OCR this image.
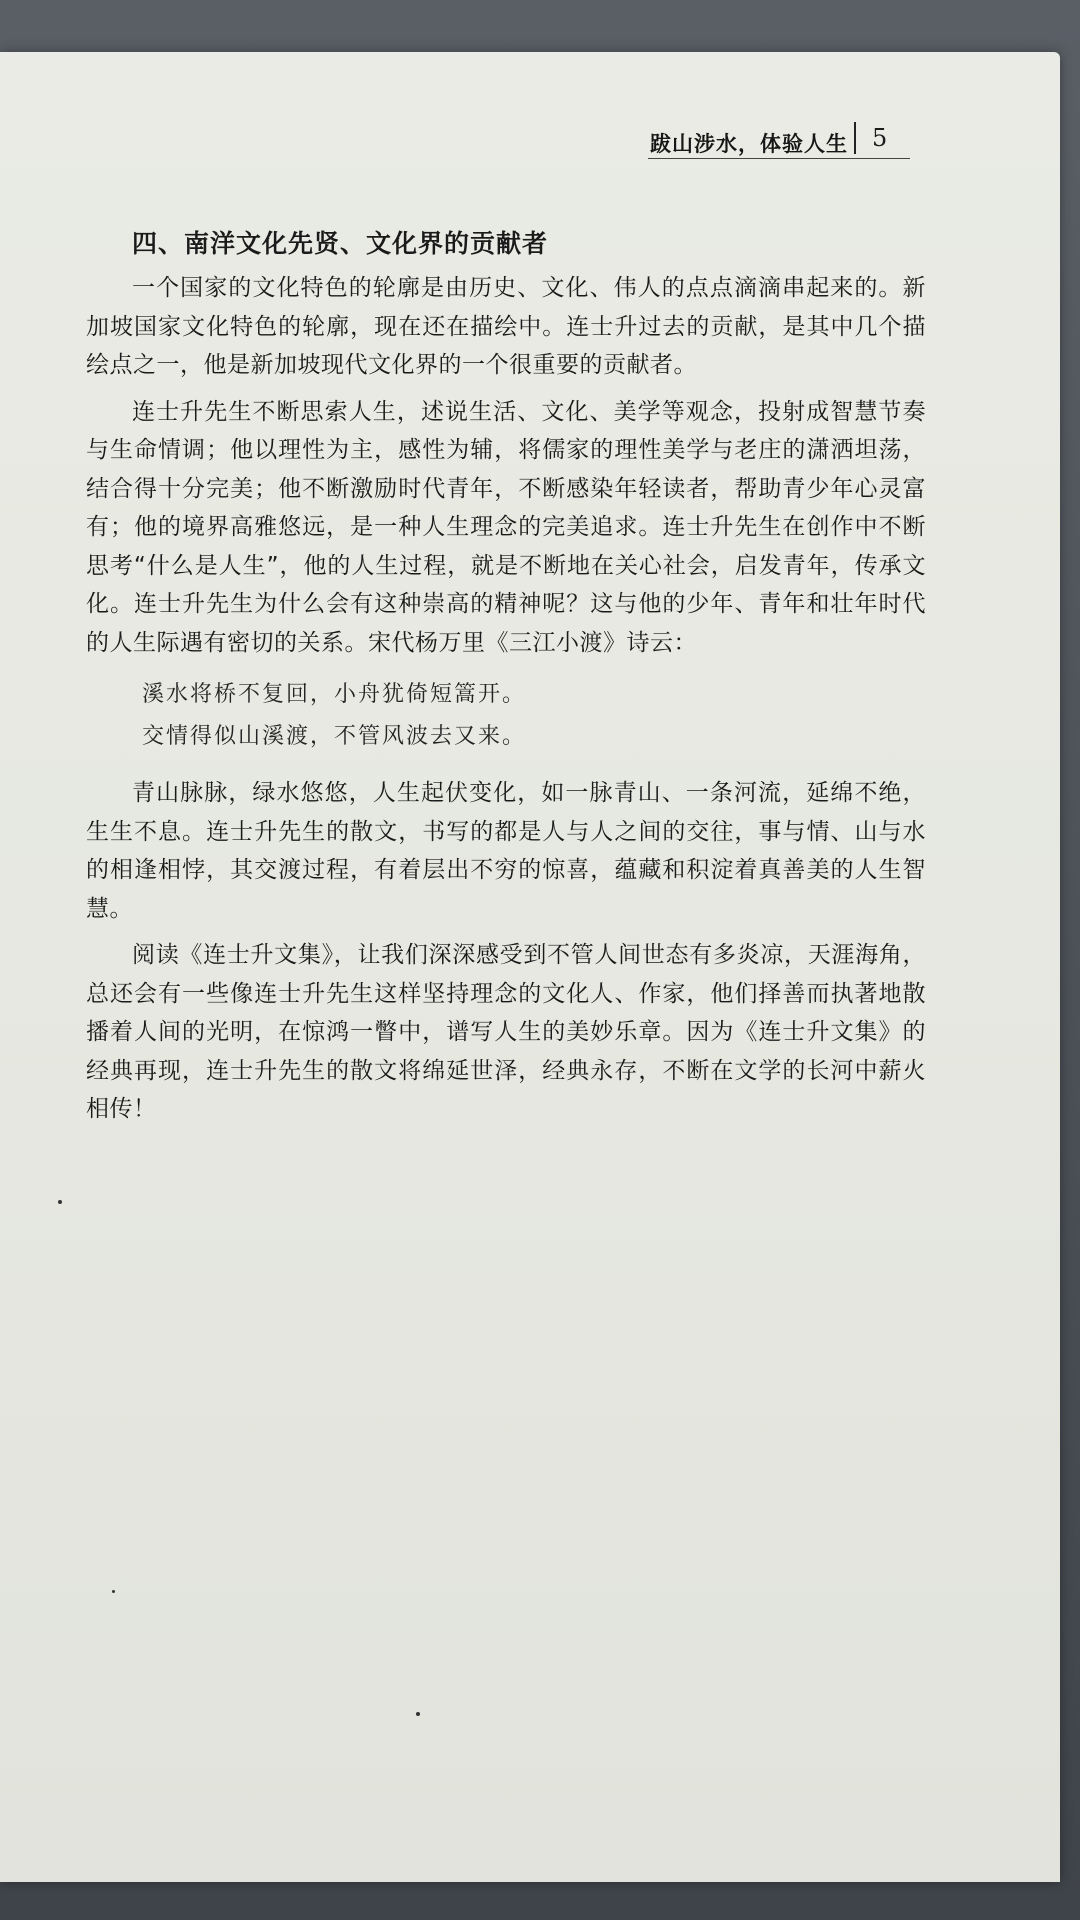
跋山涉水，体验人生 5
四、南洋文化先贤、文化界的贡献者

一个国家的文化特色的轮廓是由历史、文化、伟人的点点滴滴串起来的。新加坡国家文化特色的轮廓，现在还在描绘中。连士升过去的贡献，是其中几个描绘点之一，他是新加坡现代文化界的一个很重要的贡献者。

连士升先生不断思索人生，述说生活、文化、美学等观念，投射成智慧节奏与生命情调；他以理性为主，感性为辅，将儒家的理性美学与老庄的潇洒坦荡，结合得十分完美；他不断激励时代青年，不断感染年轻读者，帮助青少年心灵富有；他的境界高雅悠远，是一种人生理念的完美追求。连士升先生在创作中不断思考“什么是人生”，他的人生过程，就是不断地在关心社会，启发青年，传承文化。连士升先生为什么会有这种崇高的精神呢？这与他的少年、青年和壮年时代的人生际遇有密切的关系。宋代杨万里《三江小渡》诗云：

溪水将桥不复回，小舟犹倚短篙开。
交情得似山溪渡，不管风波去又来。

青山脉脉，绿水悠悠，人生起伏变化，如一脉青山、一条河流，延绵不绝，生生不息。连士升先生的散文，书写的都是人与人之间的交往，事与情、山与水的相逢相悖，其交渡过程，有着层出不穷的惊喜，蕴藏和积淀着真善美的人生智慧。

阅读《连士升文集》，让我们深深感受到不管人间世态有多炎凉，天涯海角，总还会有一些像连士升先生这样坚持理念的文化人、作家，他们择善而执著地散播着人间的光明，在惊鸿一瞥中，谱写人生的美妙乐章。因为《连士升文集》的经典再现，连士升先生的散文将绵延世泽，经典永存，不断在文学的长河中薪火相传！
